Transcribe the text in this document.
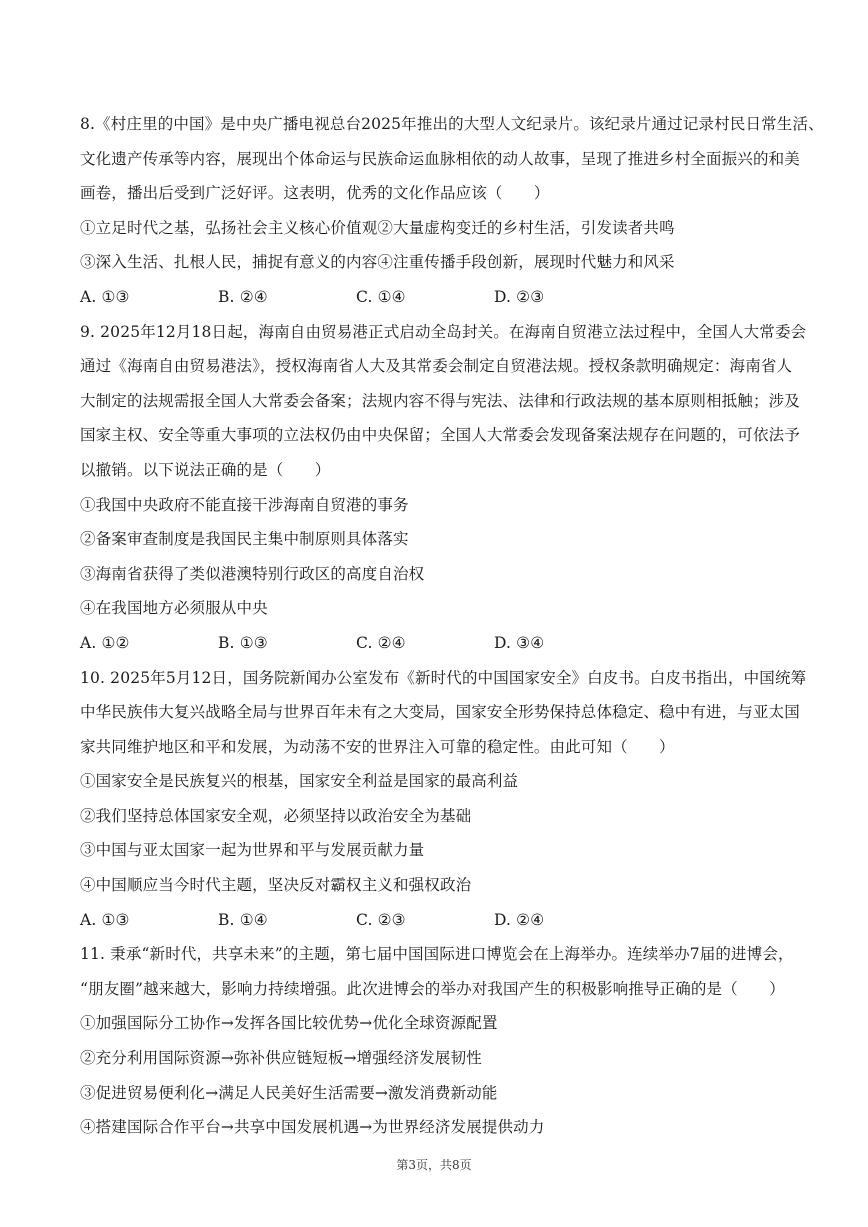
8.《村庄里的中国》是中央广播电视总台2025年推出的大型人文纪录片。该纪录片通过记录村民日常生活、
文化遗产传承等内容，展现出个体命运与民族命运血脉相依的动人故事，呈现了推进乡村全面振兴的和美
画卷，播出后受到广泛好评。这表明，优秀的文化作品应该（　　）
①立足时代之基，弘扬社会主义核心价值观②大量虚构变迁的乡村生活，引发读者共鸣
③深入生活、扎根人民，捕捉有意义的内容④注重传播手段创新，展现时代魅力和风采
A. ①③	B. ②④	C. ①④	D. ②③
9. 2025年12月18日起，海南自由贸易港正式启动全岛封关。在海南自贸港立法过程中，全国人大常委会
通过《海南自由贸易港法》，授权海南省人大及其常委会制定自贸港法规。授权条款明确规定：海南省人
大制定的法规需报全国人大常委会备案；法规内容不得与宪法、法律和行政法规的基本原则相抵触；涉及
国家主权、安全等重大事项的立法权仍由中央保留；全国人大常委会发现备案法规存在问题的，可依法予
以撤销。以下说法正确的是（　　）
①我国中央政府不能直接干涉海南自贸港的事务
②备案审查制度是我国民主集中制原则具体落实
③海南省获得了类似港澳特别行政区的高度自治权
④在我国地方必须服从中央
A. ①②	B. ①③	C. ②④	D. ③④
10. 2025年5月12日，国务院新闻办公室发布《新时代的中国国家安全》白皮书。白皮书指出，中国统筹
中华民族伟大复兴战略全局与世界百年未有之大变局，国家安全形势保持总体稳定、稳中有进，与亚太国
家共同维护地区和平和发展，为动荡不安的世界注入可靠的稳定性。由此可知（　　）
①国家安全是民族复兴的根基，国家安全利益是国家的最高利益
②我们坚持总体国家安全观，必须坚持以政治安全为基础
③中国与亚太国家一起为世界和平与发展贡献力量
④中国顺应当今时代主题，坚决反对霸权主义和强权政治
A. ①③	B. ①④	C. ②③	D. ②④
11. 秉承“新时代，共享未来”的主题，第七届中国国际进口博览会在上海举办。连续举办7届的进博会，
“朋友圈”越来越大，影响力持续增强。此次进博会的举办对我国产生的积极影响推导正确的是（　　）
①加强国际分工协作→发挥各国比较优势→优化全球资源配置
②充分利用国际资源→弥补供应链短板→增强经济发展韧性
③促进贸易便利化→满足人民美好生活需要→激发消费新动能
④搭建国际合作平台→共享中国发展机遇→为世界经济发展提供动力
第3页，共8页
